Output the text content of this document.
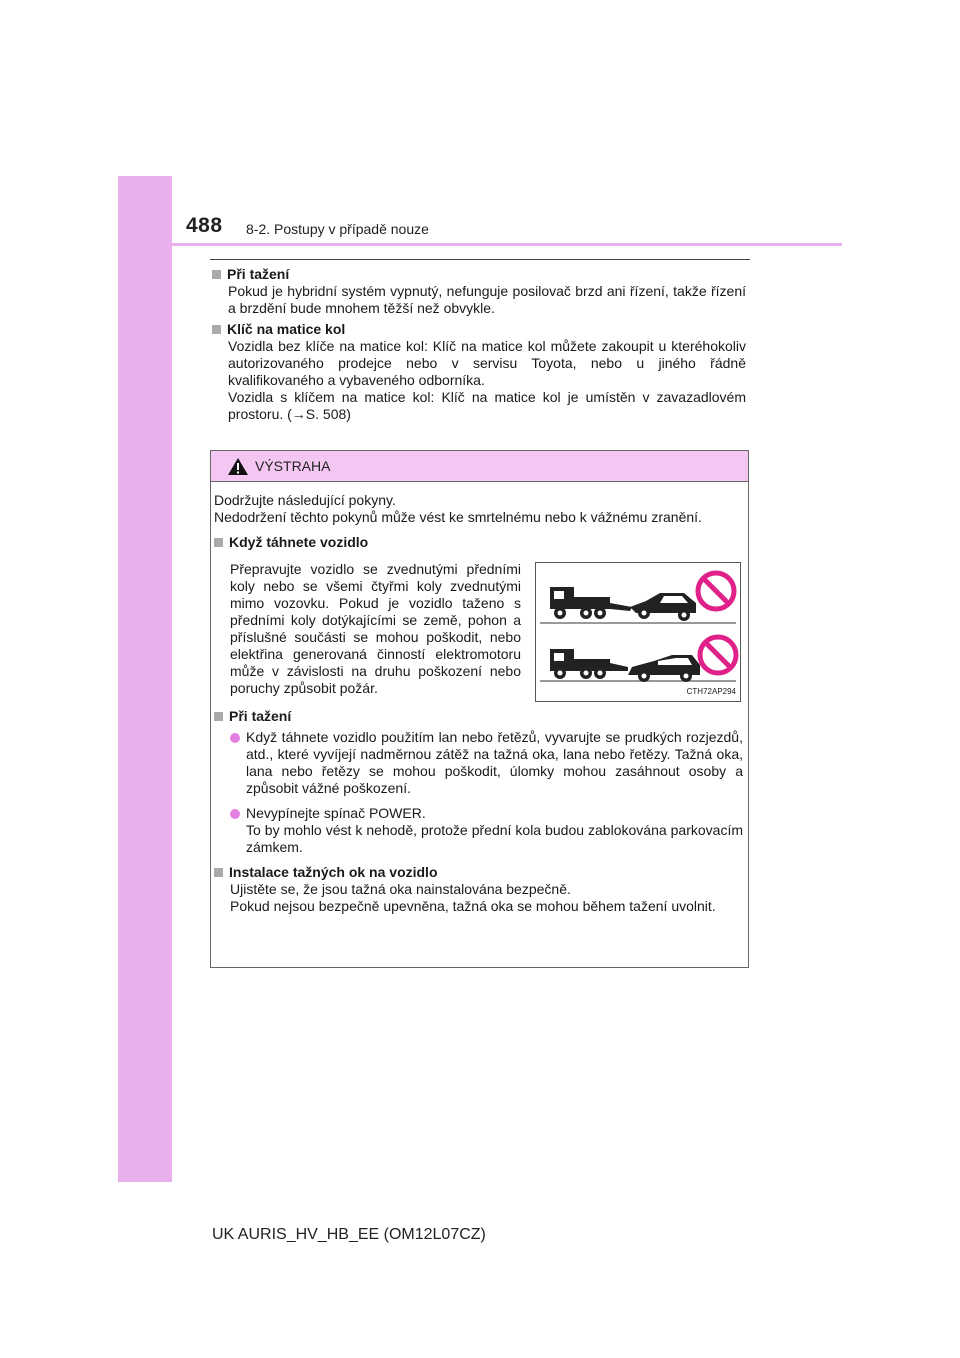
488 8-2. Postupy v případě nouze
Při tažení
Pokud je hybridní systém vypnutý, nefunguje posilovač brzd ani řízení, takže řízení a brzdění bude mnohem těžší než obvykle.
Klíč na matice kol
Vozidla bez klíče na matice kol: Klíč na matice kol můžete zakoupit u kteréhokoliv autorizovaného prodejce nebo v servisu Toyota, nebo u jiného řádně kvalifikovaného a vybaveného odborníka.
Vozidla s klíčem na matice kol: Klíč na matice kol je umístěn v zavazadlovém prostoru. (→S. 508)
VÝSTRAHA
Dodržujte následující pokyny.
Nedodržení těchto pokynů může vést ke smrtelnému nebo k vážnému zranění.
Když táhnete vozidlo
Přepravujte vozidlo se zvednutými předními koly nebo se všemi čtyřmi koly zvednutými mimo vozovku. Pokud je vozidlo taženo s předními koly dotýkajícími se země, pohon a příslušné součásti se mohou poškodit, nebo elektřina generovaná činností elektromotoru může v závislosti na druhu poškození nebo poruchy způsobit požár.	CTH72AP294
Při tažení
Když táhnete vozidlo použitím lan nebo řetězů, vyvarujte se prudkých rozjezdů, atd., které vyvíjejí nadměrnou zátěž na tažná oka, lana nebo řetězy. Tažná oka, lana nebo řetězy se mohou poškodit, úlomky mohou zasáhnout osoby a způsobit vážné poškození.
Nevypínejte spínač POWER.
To by mohlo vést k nehodě, protože přední kola budou zablokována parkovacím zámkem.
Instalace tažných ok na vozidlo
Ujistěte se, že jsou tažná oka nainstalována bezpečně.
Pokud nejsou bezpečně upevněna, tažná oka se mohou během tažení uvolnit.
UK AURIS_HV_HB_EE (OM12L07CZ)
